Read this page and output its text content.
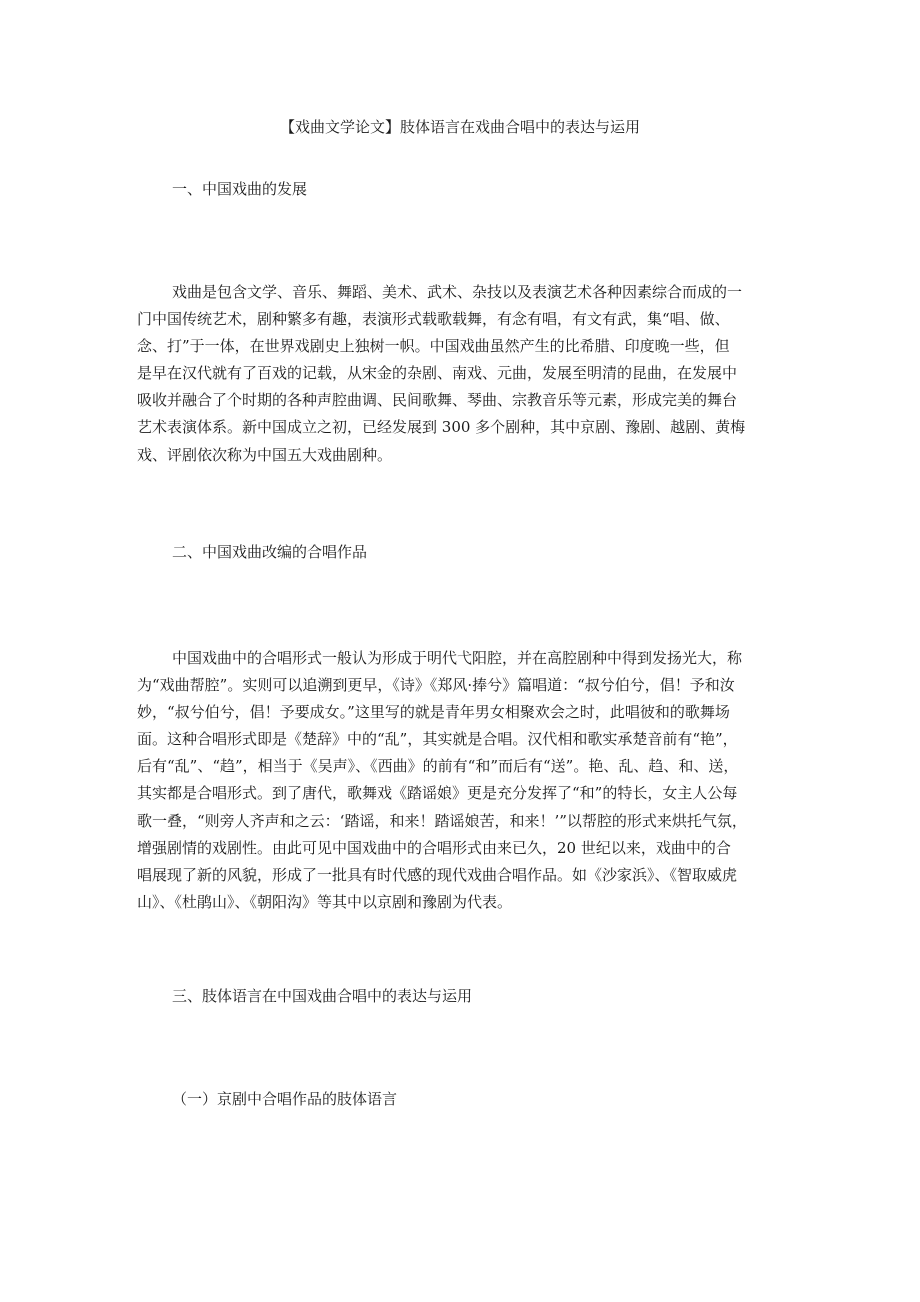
【戏曲文学论文】肢体语言在戏曲合唱中的表达与运用
一、中国戏曲的发展
戏曲是包含文学、音乐、舞蹈、美术、武术、杂技以及表演艺术各种因素综合而成的一
门中国传统艺术，剧种繁多有趣，表演形式载歌载舞，有念有唱，有文有武，集“唱、做、
念、打”于一体，在世界戏剧史上独树一帜。中国戏曲虽然产生的比希腊、印度晚一些，但
是早在汉代就有了百戏的记载，从宋金的杂剧、南戏、元曲，发展至明清的昆曲，在发展中
吸收并融合了个时期的各种声腔曲调、民间歌舞、琴曲、宗教音乐等元素，形成完美的舞台
艺术表演体系。新中国成立之初，已经发展到 300 多个剧种，其中京剧、豫剧、越剧、黄梅
戏、评剧依次称为中国五大戏曲剧种。
二、中国戏曲改编的合唱作品
中国戏曲中的合唱形式一般认为形成于明代弋阳腔，并在高腔剧种中得到发扬光大，称
为“戏曲帮腔”。实则可以追溯到更早，《诗》《郑风·捧兮》篇唱道：“叔兮伯兮，倡！予和汝
妙，“叔兮伯兮，倡！予要成女。”这里写的就是青年男女相聚欢会之时，此唱彼和的歌舞场
面。这种合唱形式即是《楚辞》中的“乱”，其实就是合唱。汉代相和歌实承楚音前有“艳”，
后有“乱”、“趋”，相当于《吴声》、《西曲》的前有“和”而后有“送”。艳、乱、趋、和、送，
其实都是合唱形式。到了唐代，歌舞戏《踏谣娘》更是充分发挥了“和”的特长，女主人公每
歌一叠，“则旁人齐声和之云：‘踏谣，和来！踏谣娘苦，和来！’”以帮腔的形式来烘托气氛，
增强剧情的戏剧性。由此可见中国戏曲中的合唱形式由来已久，20 世纪以来，戏曲中的合
唱展现了新的风貌，形成了一批具有时代感的现代戏曲合唱作品。如《沙家浜》、《智取威虎
山》、《杜鹃山》、《朝阳沟》等其中以京剧和豫剧为代表。
三、肢体语言在中国戏曲合唱中的表达与运用
（一）京剧中合唱作品的肢体语言
